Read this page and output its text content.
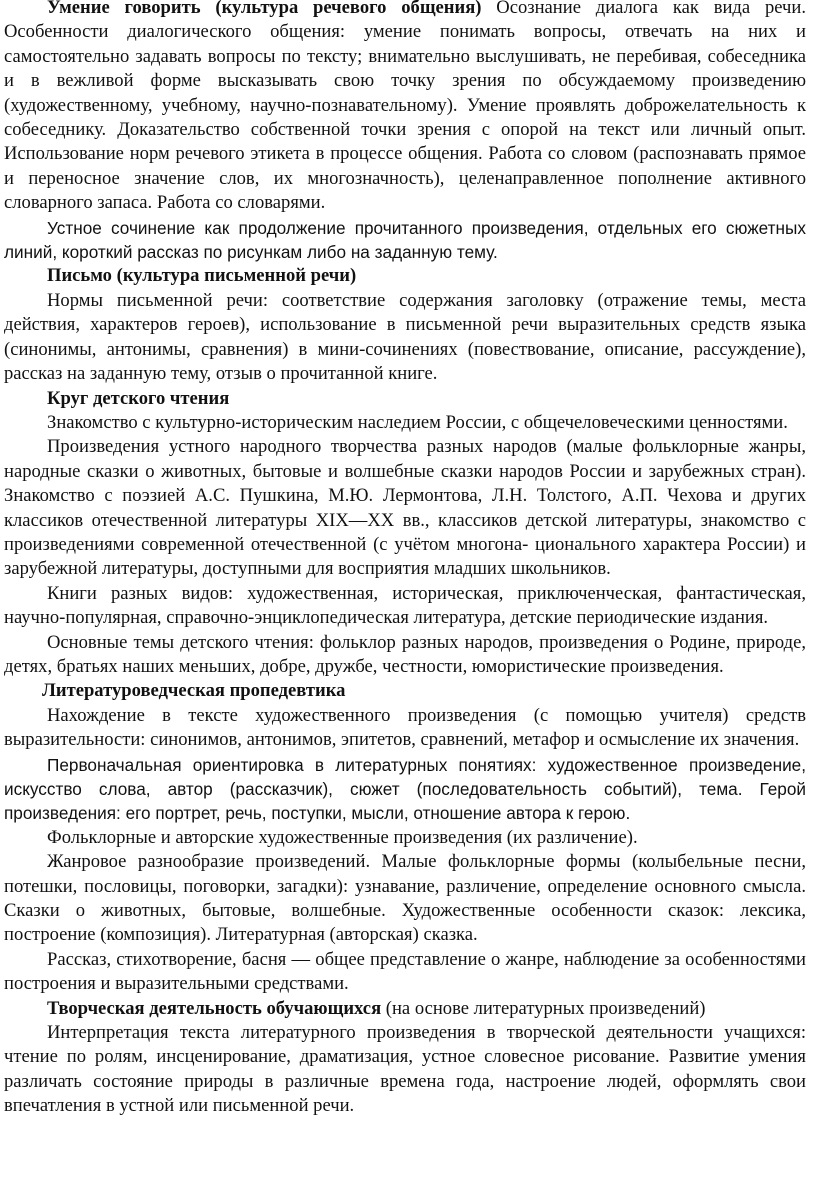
Умение говорить (культура речевого общения) Осознание диалога как вида речи. Особенности диалогического общения: умение понимать вопросы, отвечать на них и самостоятельно задавать вопросы по тексту; внимательно выслушивать, не перебивая, собеседника и в вежливой форме высказывать свою точку зрения по обсуждаемому произведению (художественному, учебному, научно-познавательному). Умение проявлять доброжелательность к собеседнику. Доказательство собственной точки зрения с опорой на текст или личный опыт. Использование норм речевого этикета в процессе общения. Работа со словом (распознавать прямое и переносное значение слов, их многозначность), целенаправленное пополнение активного словарного запаса. Работа со словарями.

Устное сочинение как продолжение прочитанного произведения, отдельных его сюжетных линий, короткий рассказ по рисункам либо на заданную тему.

Письмо (культура письменной речи)

Нормы письменной речи: соответствие содержания заголовку (отражение темы, места действия, характеров героев), использование в письменной речи выразительных средств языка (синонимы, антонимы, сравнения) в мини-сочинениях (повествование, описание, рассуждение), рассказ на заданную тему, отзыв о прочитанной книге.

Круг детского чтения

Знакомство с культурно-историческим наследием России, с общечеловеческими ценностями.

Произведения устного народного творчества разных народов (малые фольклорные жанры, народные сказки о животных, бытовые и волшебные сказки народов России и зарубежных стран). Знакомство с поэзией А.С. Пушкина, М.Ю. Лермонтова, Л.Н. Толстого, А.П. Чехова и других классиков отечественной литературы XIX—XX вв., классиков детской литературы, знакомство с произведениями современной отечественной (с учётом многона- ционального характера России) и зарубежной литературы, доступными для восприятия младших школьников.

Книги разных видов: художественная, историческая, приключенческая, фантастическая, научно-популярная, справочно-энциклопедическая литература, детские периодические издания.

Основные темы детского чтения: фольклор разных народов, произведения о Родине, природе, детях, братьях наших меньших, добре, дружбе, честности, юмористические произведения.

Литературоведческая пропедевтика

Нахождение в тексте художественного произведения (с помощью учителя) средств выразительности: синонимов, антонимов, эпитетов, сравнений, метафор и осмысление их значения.

Первоначальная ориентировка в литературных понятиях: художественное произведение, искусство слова, автор (рассказчик), сюжет (последовательность событий), тема. Герой произведения: его портрет, речь, поступки, мысли, отношение автора к герою.

Фольклорные и авторские художественные произведения (их различение).

Жанровое разнообразие произведений. Малые фольклорные формы (колыбельные песни, потешки, пословицы, поговорки, загадки): узнавание, различение, определение основного смысла. Сказки о животных, бытовые, волшебные. Художественные особенности сказок: лексика, построение (композиция). Литературная (авторская) сказка.

Рассказ, стихотворение, басня — общее представление о жанре, наблюдение за особенностями построения и выразительными средствами.

Творческая деятельность обучающихся (на основе литературных произведений)

Интерпретация текста литературного произведения в творческой деятельности учащихся: чтение по ролям, инсценирование, драматизация, устное словесное рисование. Развитие умения различать состояние природы в различные времена года, настроение людей, оформлять свои впечатления в устной или письменной речи.
